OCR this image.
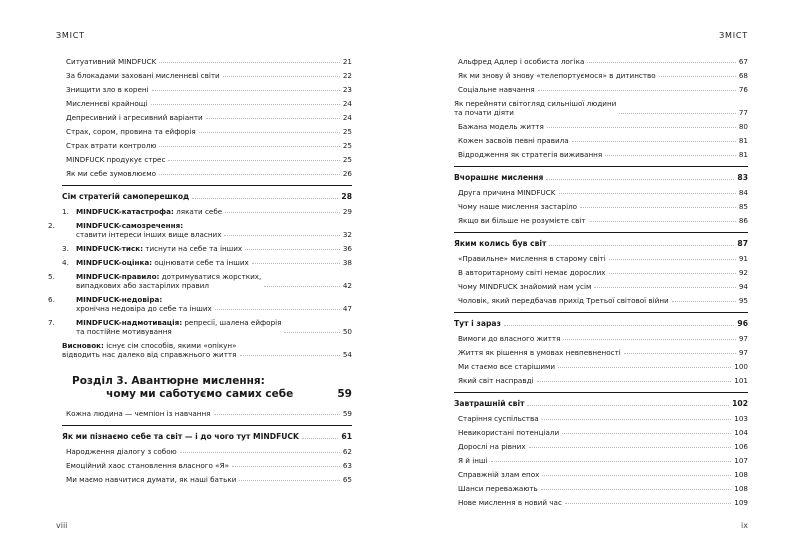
ЗМІСТ
Ситуативний MINDFUCK	21
За блокадами заховані мисленнєві світи	22
Знищити зло в корені	23
Мисленнєві крайнощі	24
Депресивний і агресивний варіанти	24
Страх, сором, провина та ейфорія	25
Страх втрати контролю	25
MINDFUCK продукує стрес	25
Як ми себе зумовлюємо	26
Сім стратегій самоперешкод	28
1. MINDFUCK-катастрофа: лякати себе	29
2.	MINDFUCK-самозречення:
ставити інтереси інших вище власних	32
3. MINDFUCK-тиск: тиснути на себе та інших	36
4. MINDFUCK-оцінка: оцінювати себе та інших	38
5.	MINDFUCK-правило: дотримуватися жорстких,
випадкових або застарілих правил	42
6.	MINDFUCK-недовіра:
хронічна недовіра до себе та інших	47
7.	MINDFUCK-надмотивація: репресії, шалена ейфорія
та постійне мотивування	50
Висновок: існує сім способів, якими «опікун»
відводить нас далеко від справжнього життя	54
Розділ 3. Авантюрне мислення:
чому ми саботуємо самих себе	59
Кожна людина — чемпіон із навчання	59
Як ми пізнаємо себе та світ — і до чого тут MINDFUCK	61
Народження діалогу з собою	62
Емоційний хаос становлення власного «Я»	63
Ми маємо навчитися думати, як наші батьки	65
viii
ЗМІСТ
Альфред Адлер і особиста логіка	67
Як ми знову й знову «телепортуємося» в дитинство	68
Соціальне навчання	76
Як перейняти світогляд сильнішої людини
та почати діяти	77
Бажана модель життя	80
Кожен засвоїв певні правила	81
Відродження як стратегія виживання	81
Вчорашнє мислення	83
Друга причина MINDFUCK	84
Чому наше мислення застаріло	85
Якщо ви більше не розумієте світ	86
Яким колись був світ	87
«Правильне» мислення в старому світі	91
В авторитарному світі немає дорослих	92
Чому MINDFUCK знайомий нам усім	94
Чоловік, який передбачав прихід Третьої світової війни	95
Тут і зараз	96
Вимоги до власного життя	97
Життя як рішення в умовах невпевненості	97
Ми стаємо все старішими	100
Який світ насправді	101
Завтрашній світ	102
Старіння суспільства	103
Невикористані потенціали	104
Дорослі на рівних	106
Я й інші	107
Справжній злам епох	108
Шанси переважають	108
Нове мислення в новий час	109
ix
